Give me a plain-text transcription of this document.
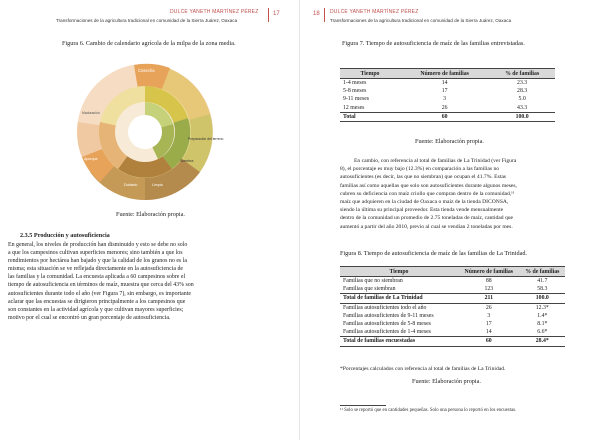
DULCE YANETH MARTÍNEZ PÉREZ
Transformaciones de la agricultura tradicional en comunidad de la Sierra Juárez, Oaxaca
17
Figura 6. Cambio de calendario agrícola de la milpa de la zona media.
Cosecha
Preparación del terreno
Siembra
Limpia
Doblado
Aporque
Maduración
Fuente: Elaboración propia.
2.3.5 Producción y autosuficiencia
En general, los niveles de producción han disminuido y esto se debe no solo
a que los campesinos cultivan superficies menores; sino también a que los
rendimientos por hectárea han bajado y que la calidad de los granos no es la
misma; esta situación se ve reflejada directamente en la autosuficiencia de
las familias y la comunidad. La encuesta aplicada a 60 campesinos sobre el
tiempo de autosuficiencia en términos de maíz, muestra que cerca del 43% son
autosuficientes durante todo el año (ver Figura 7), sin embargo, es importante
aclarar que las encuestas se dirigieron principalmente a los campesinos que
son constantes en la actividad agrícola y que cultivan mayores superficies;
motivo por el cual se encontró un gran porcentaje de autosuficiencia.
18 DULCE YANETH MARTÍNEZ PÉREZ
Transformaciones de la agricultura tradicional en comunidad de la Sierra Juárez, Oaxaca
Figura 7. Tiempo de autosuficiencia de maíz de las familias entrevistadas.
Tiempo	Número de familias	% de familias
1-4 meses	14	23.3
5-8 meses	17	28.3
9-11 meses	3	5.0
12 meses	26	43.3
Total	60	100.0
Fuente: Elaboración propia.
En cambio, con referencia al total de familias de La Trinidad (ver Figura
8), el porcentaje es muy bajo (12.3%) en comparación a las familias no
autosuficientes (es decir, las que no siembran) que ocupan el 41.7%. Estas
familias así como aquellas que solo son autosuficientes durante algunos meses,
cubren su deficiencia con maíz criollo que compran dentro de la comunidad,¹¹
maíz que adquieren en la ciudad de Oaxaca o maíz de la tienda DICONSA,
siendo la última su principal proveedor. Esta tienda vende mensualmente
dentro de la comunidad un promedio de 2.75 toneladas de maíz, cantidad que
aumentó a partir del año 2010, previo al cual se vendían 2 toneladas por mes.
Figura 8. Tiempo de autosuficiencia de maíz de las familias de La Trinidad.
Tiempo	Número de familias	% de familias
Familias que no siembran	88	41.7
Familias que siembran	123	58.3
Total de familias de La Trinidad	211	100.0
Familias autosuficientes todo el año	26	12.3*
Familias autosuficientes de 9-11 meses	3	1.4*
Familias autosuficientes de 5-8 meses	17	8.1*
Familias autosuficientes de 1-4 meses	14	6.6*
Total de familias encuestadas	60	28.4*
*Porcentajes calculados con referencia al total de familias de La Trinidad.
Fuente: Elaboración propia.
¹¹ Solo se reportó que en cantidades pequeñas. Solo una persona lo reportó en los encuestas.
